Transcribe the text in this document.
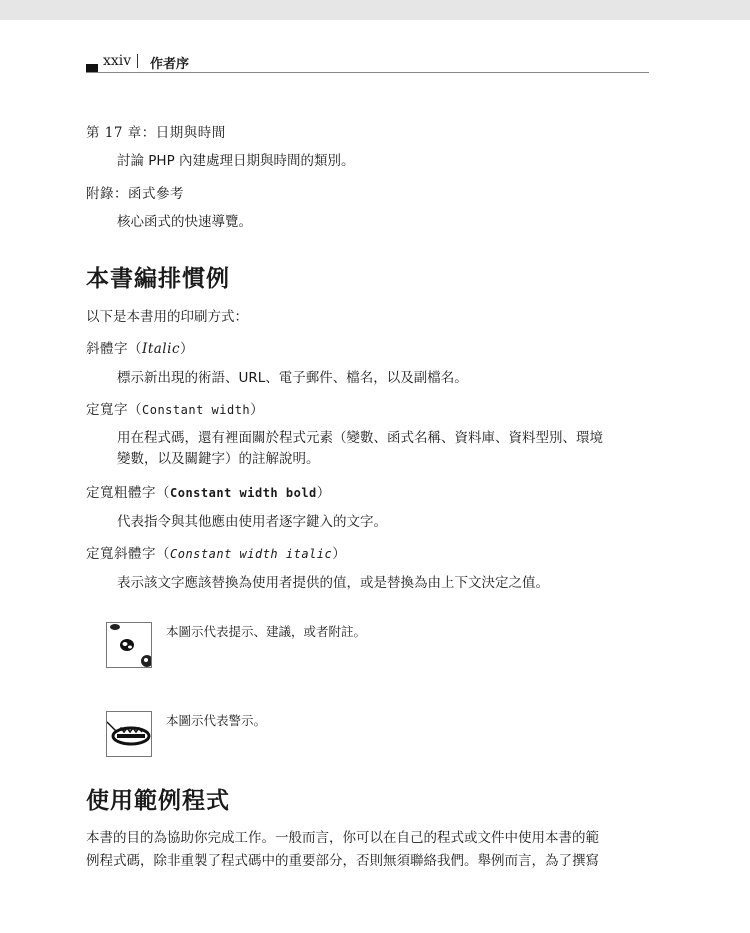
xxiv 作者序
第 17 章：日期與時間
討論 PHP 內建處理日期與時間的類別。
附錄：函式參考
核心函式的快速導覽。
本書編排慣例
以下是本書用的印刷方式：
斜體字（Italic）
標示新出現的術語、URL、電子郵件、檔名，以及副檔名。
定寬字（Constant width）
用在程式碼，還有裡面關於程式元素（變數、函式名稱、資料庫、資料型別、環境
變數，以及關鍵字）的註解說明。
定寬粗體字（Constant width bold）
代表指令與其他應由使用者逐字鍵入的文字。
定寬斜體字（Constant width italic）
表示該文字應該替換為使用者提供的值，或是替換為由上下文決定之值。
本圖示代表提示、建議，或者附註。
本圖示代表警示。
使用範例程式
本書的目的為協助你完成工作。一般而言，你可以在自己的程式或文件中使用本書的範
例程式碼，除非重製了程式碼中的重要部分，否則無須聯絡我們。舉例而言，為了撰寫
